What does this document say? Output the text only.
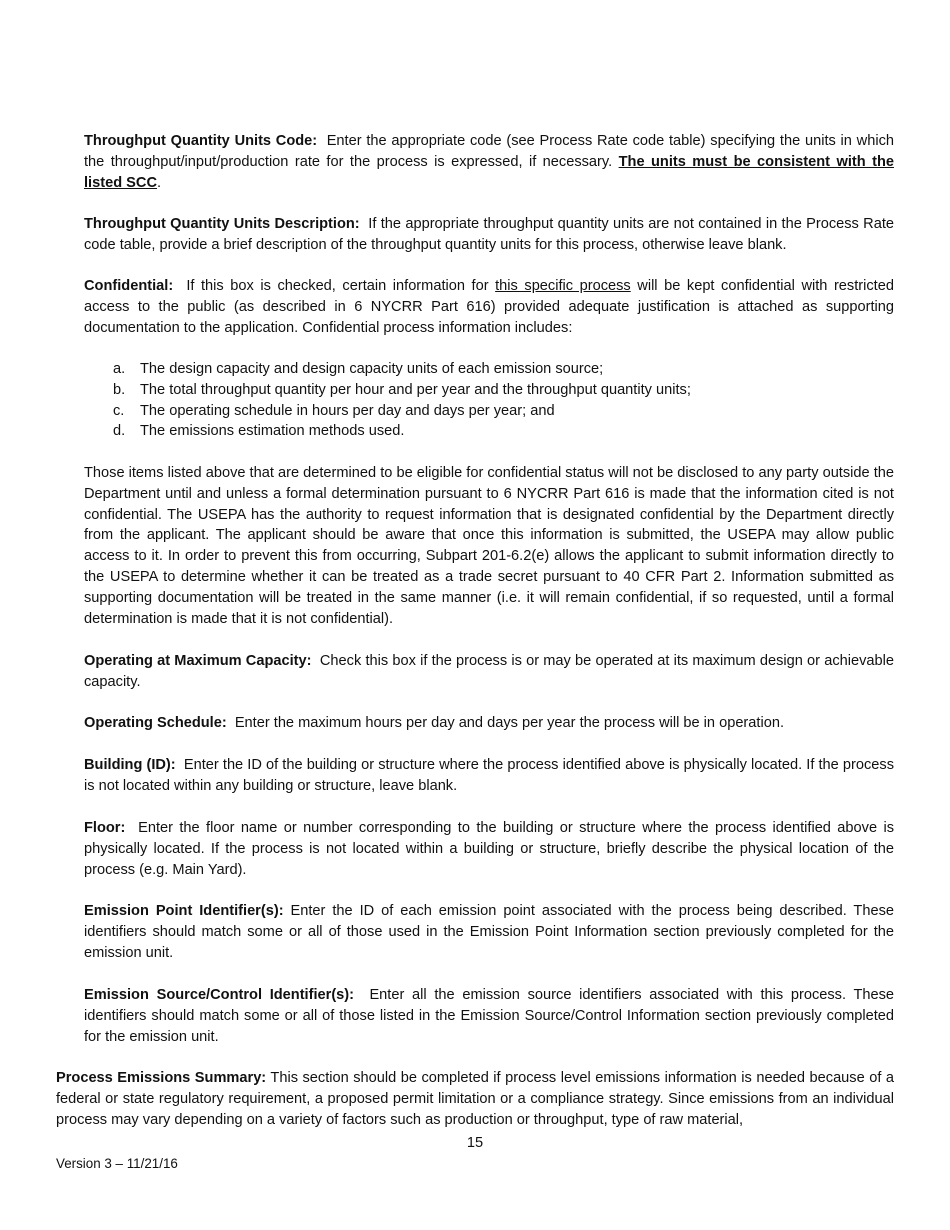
Throughput Quantity Units Code: Enter the appropriate code (see Process Rate code table) specifying the units in which the throughput/input/production rate for the process is expressed, if necessary. The units must be consistent with the listed SCC.

Throughput Quantity Units Description: If the appropriate throughput quantity units are not contained in the Process Rate code table, provide a brief description of the throughput quantity units for this process, otherwise leave blank.

Confidential: If this box is checked, certain information for this specific process will be kept confidential with restricted access to the public (as described in 6 NYCRR Part 616) provided adequate justification is attached as supporting documentation to the application. Confidential process information includes:

a. The design capacity and design capacity units of each emission source;
b. The total throughput quantity per hour and per year and the throughput quantity units;
c. The operating schedule in hours per day and days per year; and
d. The emissions estimation methods used.

Those items listed above that are determined to be eligible for confidential status will not be disclosed to any party outside the Department until and unless a formal determination pursuant to 6 NYCRR Part 616 is made that the information cited is not confidential. The USEPA has the authority to request information that is designated confidential by the Department directly from the applicant. The applicant should be aware that once this information is submitted, the USEPA may allow public access to it. In order to prevent this from occurring, Subpart 201-6.2(e) allows the applicant to submit information directly to the USEPA to determine whether it can be treated as a trade secret pursuant to 40 CFR Part 2. Information submitted as supporting documentation will be treated in the same manner (i.e. it will remain confidential, if so requested, until a formal determination is made that it is not confidential).

Operating at Maximum Capacity: Check this box if the process is or may be operated at its maximum design or achievable capacity.

Operating Schedule: Enter the maximum hours per day and days per year the process will be in operation.

Building (ID): Enter the ID of the building or structure where the process identified above is physically located. If the process is not located within any building or structure, leave blank.

Floor: Enter the floor name or number corresponding to the building or structure where the process identified above is physically located. If the process is not located within a building or structure, briefly describe the physical location of the process (e.g. Main Yard).

Emission Point Identifier(s): Enter the ID of each emission point associated with the process being described. These identifiers should match some or all of those used in the Emission Point Information section previously completed for the emission unit.

Emission Source/Control Identifier(s): Enter all the emission source identifiers associated with this process. These identifiers should match some or all of those listed in the Emission Source/Control Information section previously completed for the emission unit.

Process Emissions Summary: This section should be completed if process level emissions information is needed because of a federal or state regulatory requirement, a proposed permit limitation or a compliance strategy. Since emissions from an individual process may vary depending on a variety of factors such as production or throughput, type of raw material,

15
Version 3 – 11/21/16
